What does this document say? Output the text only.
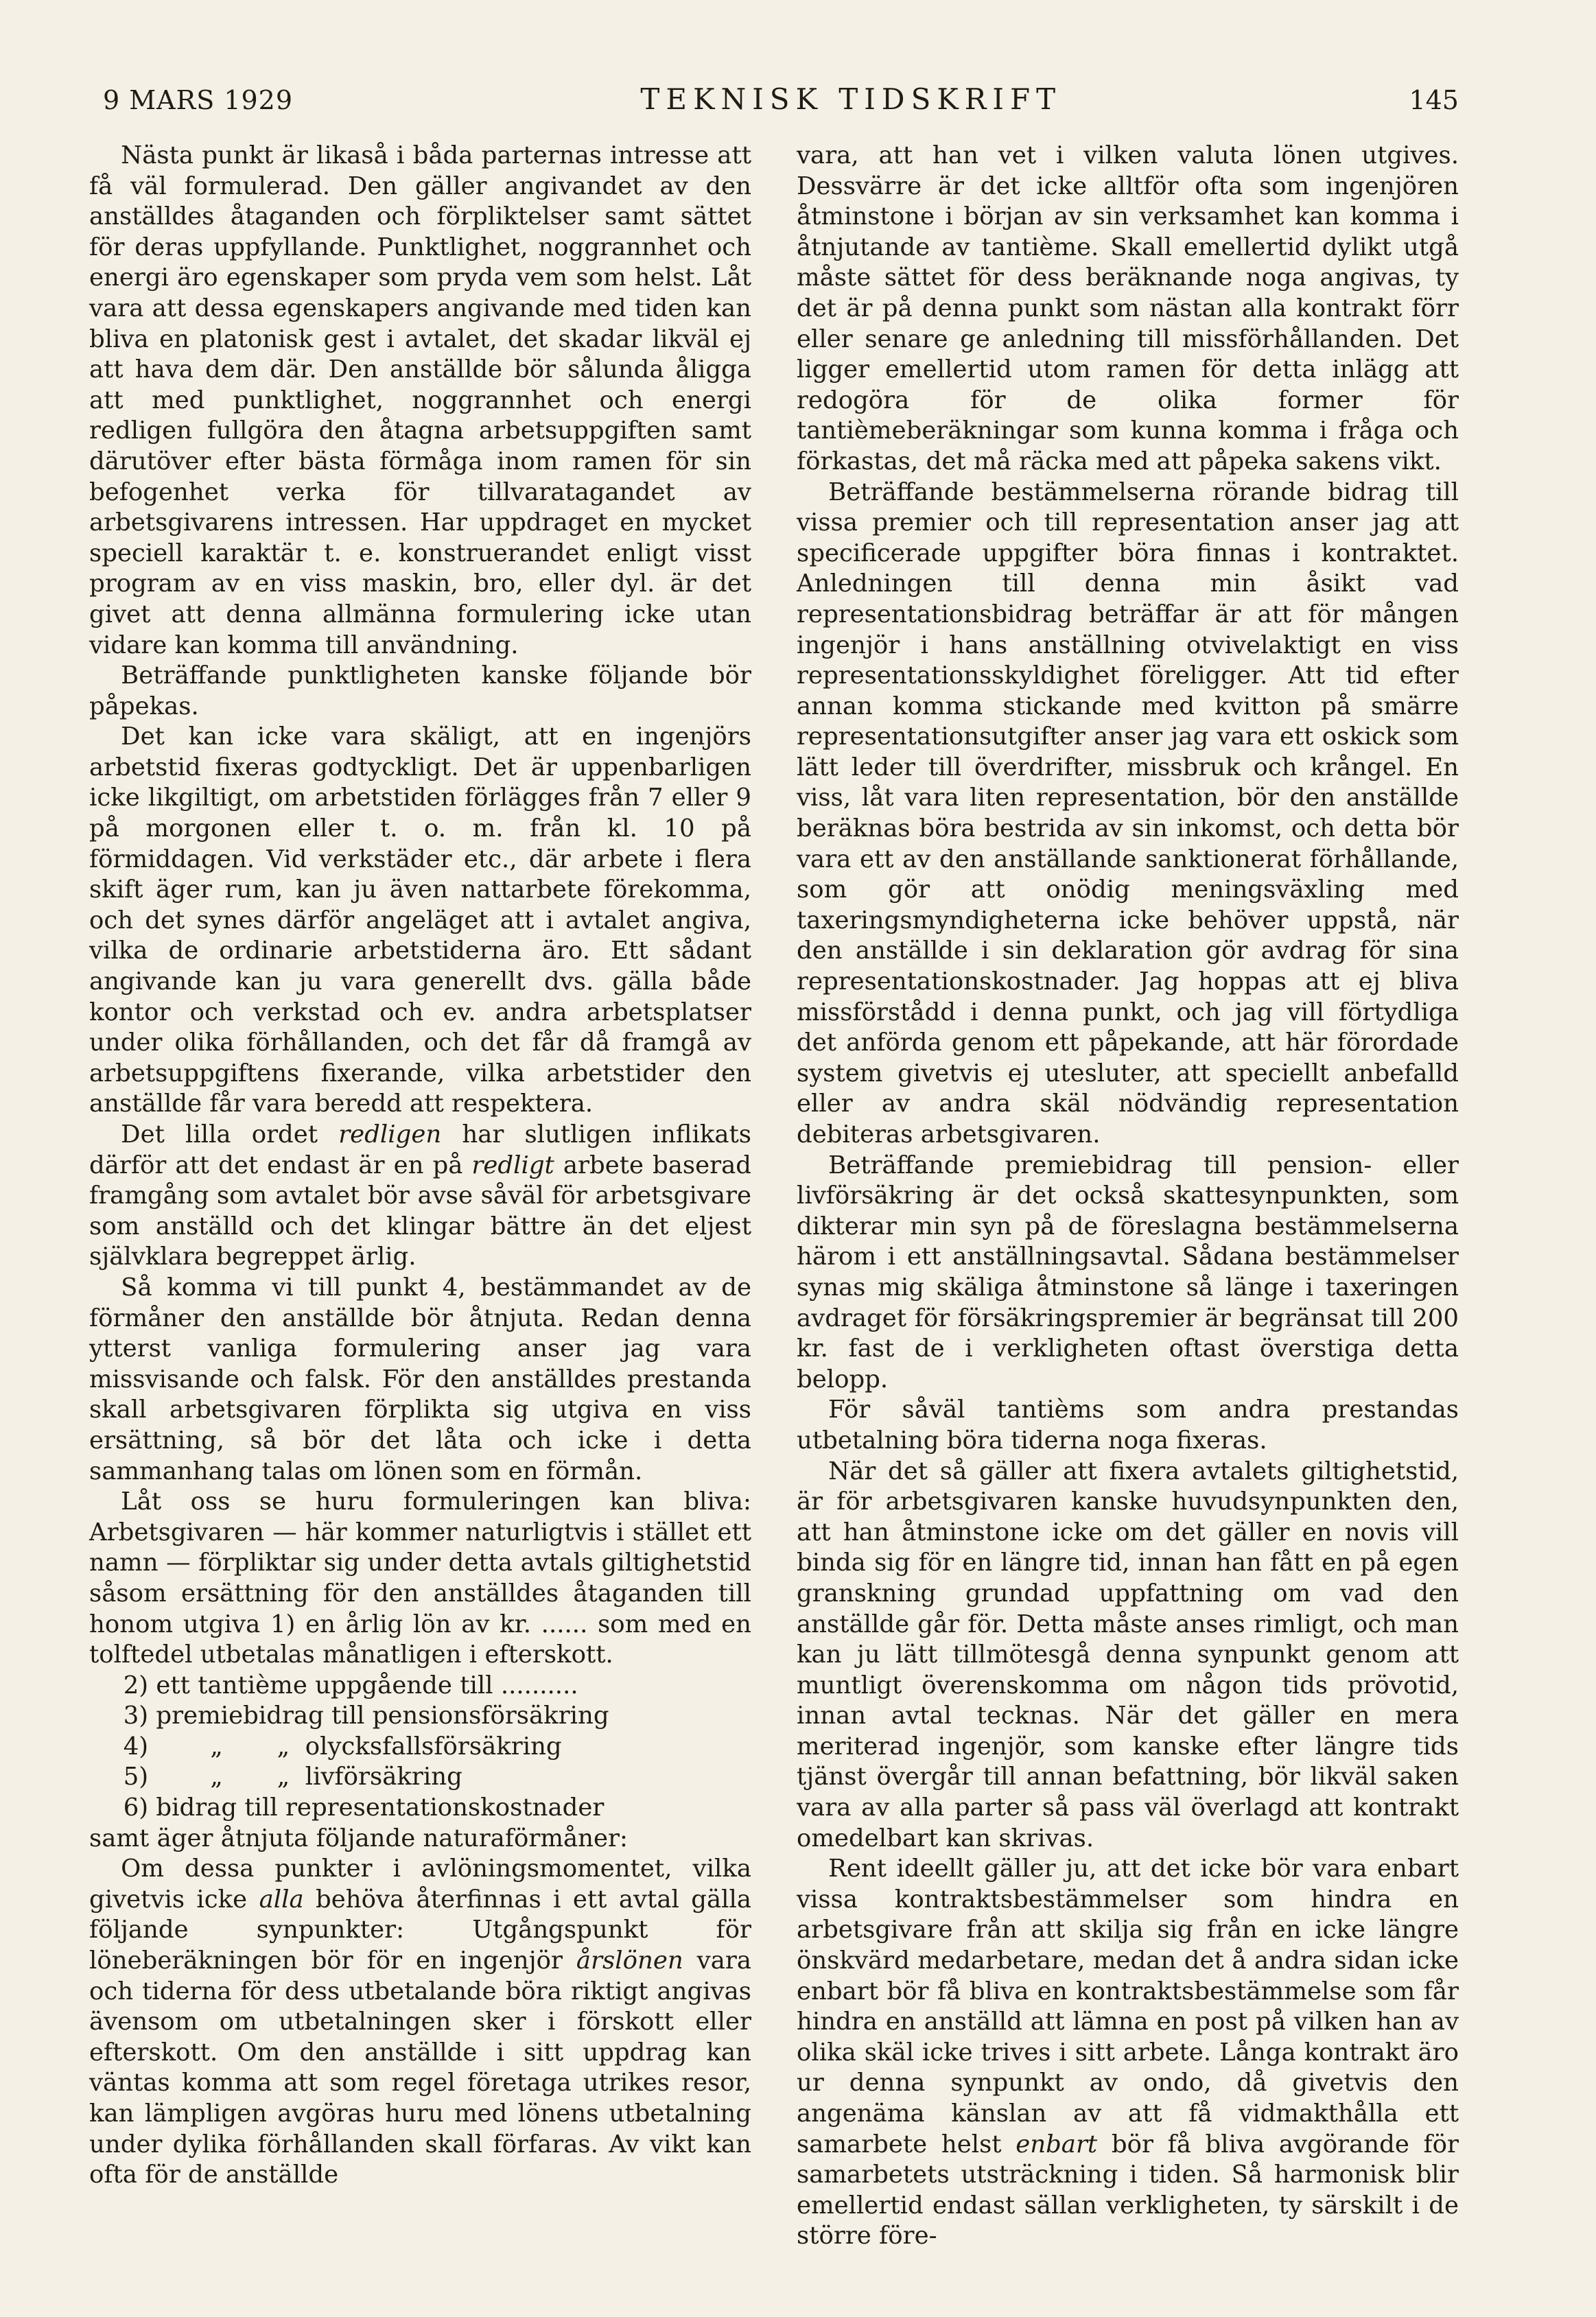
9 MARS 1929	TEKNISK TIDSKRIFT	145

Nästa punkt är likaså i båda parternas intresse att få väl formulerad. Den gäller angivandet av den anställdes åtaganden och förpliktelser samt sättet för deras uppfyllande. Punktlighet, noggrannhet och energi äro egenskaper som pryda vem som helst. Låt vara att dessa egenskapers angivande med tiden kan bliva en platonisk gest i avtalet, det skadar likväl ej att hava dem där. Den anställde bör sålunda åligga att med punktlighet, noggrannhet och energi redligen fullgöra den åtagna arbetsuppgiften samt därutöver efter bästa förmåga inom ramen för sin befogenhet verka för tillvaratagandet av arbetsgivarens intressen. Har uppdraget en mycket speciell karaktär t. e. konstruerandet enligt visst program av en viss maskin, bro, eller dyl. är det givet att denna allmänna formulering icke utan vidare kan komma till användning.

Beträffande punktligheten kanske följande bör påpekas.

Det kan icke vara skäligt, att en ingenjörs arbetstid fixeras godtyckligt. Det är uppenbarligen icke likgiltigt, om arbetstiden förlägges från 7 eller 9 på morgonen eller t. o. m. från kl. 10 på förmiddagen. Vid verkstäder etc., där arbete i flera skift äger rum, kan ju även nattarbete förekomma, och det synes därför angeläget att i avtalet angiva, vilka de ordinarie arbetstiderna äro. Ett sådant angivande kan ju vara generellt dvs. gälla både kontor och verkstad och ev. andra arbetsplatser under olika förhållanden, och det får då framgå av arbetsuppgiftens fixerande, vilka arbetstider den anställde får vara beredd att respektera.

Det lilla ordet redligen har slutligen inflikats därför att det endast är en på redligt arbete baserad framgång som avtalet bör avse såväl för arbetsgivare som anställd och det klingar bättre än det eljest självklara begreppet ärlig.

Så komma vi till punkt 4, bestämmandet av de förmåner den anställde bör åtnjuta. Redan denna ytterst vanliga formulering anser jag vara missvisande och falsk. För den anställdes prestanda skall arbetsgivaren förplikta sig utgiva en viss ersättning, så bör det låta och icke i detta sammanhang talas om lönen som en förmån.

Låt oss se huru formuleringen kan bliva: Arbetsgivaren — här kommer naturligtvis i stället ett namn — förpliktar sig under detta avtals giltighetstid såsom ersättning för den anställdes åtaganden till honom utgiva 1) en årlig lön av kr. ...... som med en tolftedel utbetalas månatligen i efterskott.

2) ett tantième uppgående till ..........

3) premiebidrag till pensionsförsäkring

4)        „       „  olycksfallsförsäkring

5)        „       „  livförsäkring

6) bidrag till representationskostnader

samt äger åtnjuta följande naturaförmåner:

Om dessa punkter i avlöningsmomentet, vilka givetvis icke alla behöva återfinnas i ett avtal gälla följande synpunkter: Utgångspunkt för löneberäkningen bör för en ingenjör årslönen vara och tiderna för dess utbetalande böra riktigt angivas ävensom om utbetalningen sker i förskott eller efterskott. Om den anställde i sitt uppdrag kan väntas komma att som regel företaga utrikes resor, kan lämpligen avgöras huru med lönens utbetalning under dylika förhållanden skall förfaras. Av vikt kan ofta för de anställde

vara, att han vet i vilken valuta lönen utgives. Dessvärre är det icke alltför ofta som ingenjören åtminstone i början av sin verksamhet kan komma i åtnjutande av tantième. Skall emellertid dylikt utgå måste sättet för dess beräknande noga angivas, ty det är på denna punkt som nästan alla kontrakt förr eller senare ge anledning till missförhållanden. Det ligger emellertid utom ramen för detta inlägg att redogöra för de olika former för tantièmeberäkningar som kunna komma i fråga och förkastas, det må räcka med att påpeka sakens vikt.

Beträffande bestämmelserna rörande bidrag till vissa premier och till representation anser jag att specificerade uppgifter böra finnas i kontraktet. Anledningen till denna min åsikt vad representationsbidrag beträffar är att för mången ingenjör i hans anställning otvivelaktigt en viss representationsskyldighet föreligger. Att tid efter annan komma stickande med kvitton på smärre representationsutgifter anser jag vara ett oskick som lätt leder till överdrifter, missbruk och krångel. En viss, låt vara liten representation, bör den anställde beräknas böra bestrida av sin inkomst, och detta bör vara ett av den anställande sanktionerat förhållande, som gör att onödig meningsväxling med taxeringsmyndigheterna icke behöver uppstå, när den anställde i sin deklaration gör avdrag för sina representationskostnader. Jag hoppas att ej bliva missförstådd i denna punkt, och jag vill förtydliga det anförda genom ett påpekande, att här förordade system givetvis ej utesluter, att speciellt anbefalld eller av andra skäl nödvändig representation debiteras arbetsgivaren.

Beträffande premiebidrag till pension- eller livförsäkring är det också skattesynpunkten, som dikterar min syn på de föreslagna bestämmelserna härom i ett anställningsavtal. Sådana bestämmelser synas mig skäliga åtminstone så länge i taxeringen avdraget för försäkringspremier är begränsat till 200 kr. fast de i verkligheten oftast överstiga detta belopp.

För såväl tantièms som andra prestandas utbetalning böra tiderna noga fixeras.

När det så gäller att fixera avtalets giltighetstid, är för arbetsgivaren kanske huvudsynpunkten den, att han åtminstone icke om det gäller en novis vill binda sig för en längre tid, innan han fått en på egen granskning grundad uppfattning om vad den anställde går för. Detta måste anses rimligt, och man kan ju lätt tillmötesgå denna synpunkt genom att muntligt överenskomma om någon tids prövotid, innan avtal tecknas. När det gäller en mera meriterad ingenjör, som kanske efter längre tids tjänst övergår till annan befattning, bör likväl saken vara av alla parter så pass väl överlagd att kontrakt omedelbart kan skrivas.

Rent ideellt gäller ju, att det icke bör vara enbart vissa kontraktsbestämmelser som hindra en arbetsgivare från att skilja sig från en icke längre önskvärd medarbetare, medan det å andra sidan icke enbart bör få bliva en kontraktsbestämmelse som får hindra en anställd att lämna en post på vilken han av olika skäl icke trives i sitt arbete. Långa kontrakt äro ur denna synpunkt av ondo, då givetvis den angenäma känslan av att få vidmakthålla ett samarbete helst enbart bör få bliva avgörande för samarbetets utsträckning i tiden. Så harmonisk blir emellertid endast sällan verkligheten, ty särskilt i de större före-
